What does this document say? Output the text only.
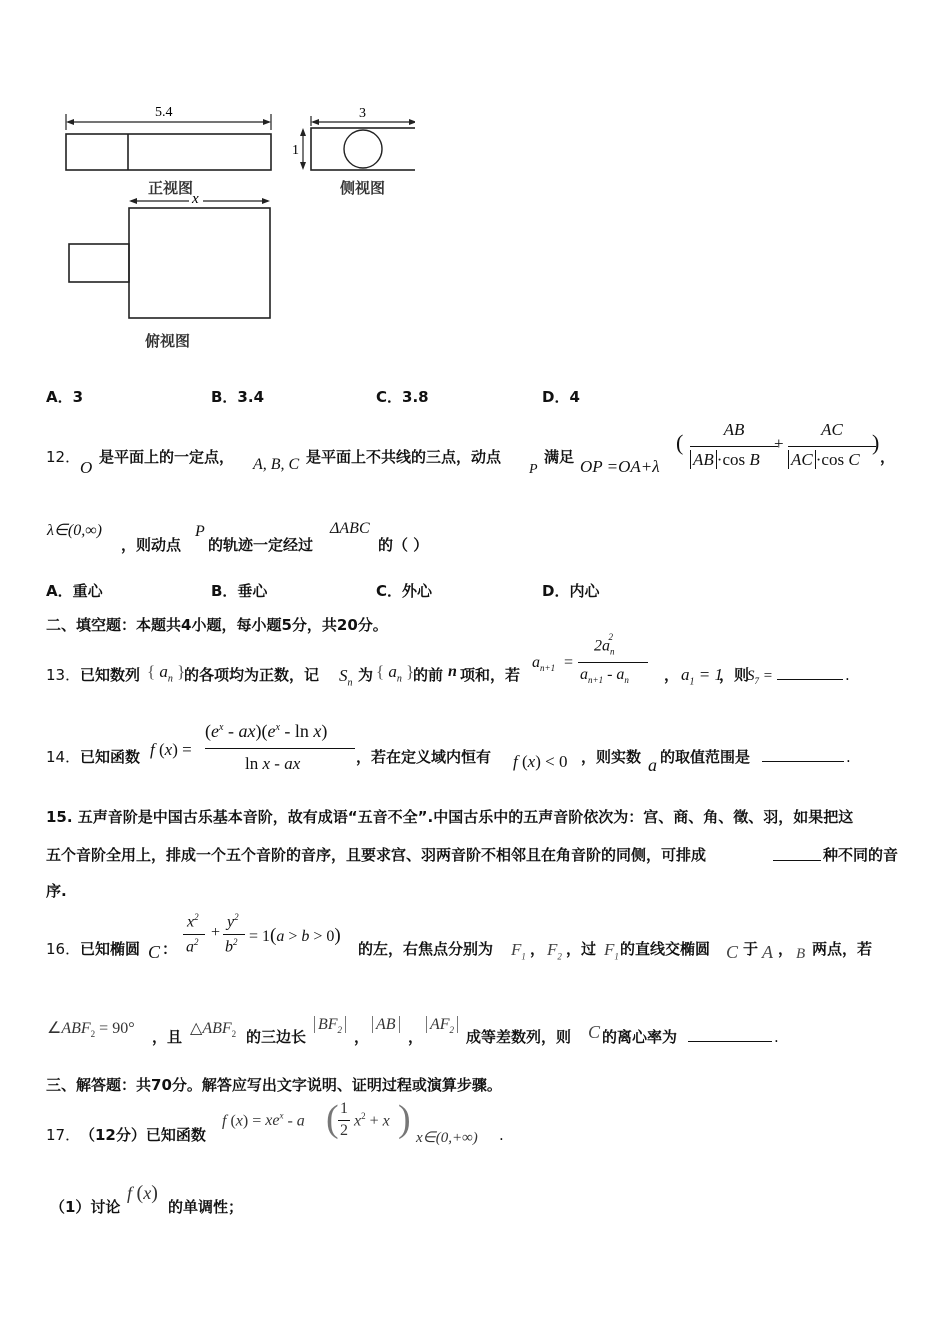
5.4	3
1
x
正视图	侧视图
俯视图
A．3	B．3.4	C．3.8	D．4
12．
O
是平面上的一定点， A, B, C 是平面上不共线的三点，动点
P
满足 OP =OA+λ
(
AB
AB ·cos B
+
AC
AC ·cos C
)
，
λ∈(0,∞)
，则动点
P
的轨迹一定经过
ΔABC
的（ ）
A．重心	B．垂心	C．外心	D．内心
二、填空题：本题共4小题，每小题5分，共20分。
13． 已知数列 { $a_n$ }
的各项均为正数，记 $S_n$ 为 { $a_n$ }
的前 n 项和，若
$a_{n+1}$ =
$2a_n^2$
$a_{n+1} - a_n$ ， $a_1 = 1$
，则
$S_7$ =	.
14． 已知函数 f (x) =
$(e^x - ax)(e^x$ - ln x)
ln x - ax	，若在定义域内恒有 f (x) < 0 ，则实数 a 的取值范围是	.
15. 五声音阶是中国古乐基本音阶，故有成语“五音不全”.中国古乐中的五声音阶依次为：宫、商、角、徵、羽，如果把这
五个音阶全用上，排成一个五个音阶的音序，且要求宫、羽两音阶不相邻且在角音阶的同侧，可排成	种不同的音
序.
16． 已知椭圆 C ：
$x^2$
$a^2$
+
$y^2$
$b^2 = 1(a > b > 0)$
的左，右焦点分别为 $F_1$ ， $F_2$ ，过 $F_1$ 的直线交椭圆 C 于 A ， B 两点，若
$\angle ABF_2 = 90^\circ$ ，且 $\triangle ABF_2$ 的三边长
$BF_2$ ，
AB
，
$AF_2$ 成等差数列，则 C 的离心率为	.
三、解答题：共70分。解答应写出文字说明、证明过程或演算步骤。
17． （12分）已知函数
f $(x) = xe^x - a$ ( 1
2
$x^2 + x$ ) x∈(0,+∞) .
（1）讨论
f (x)
的单调性；
